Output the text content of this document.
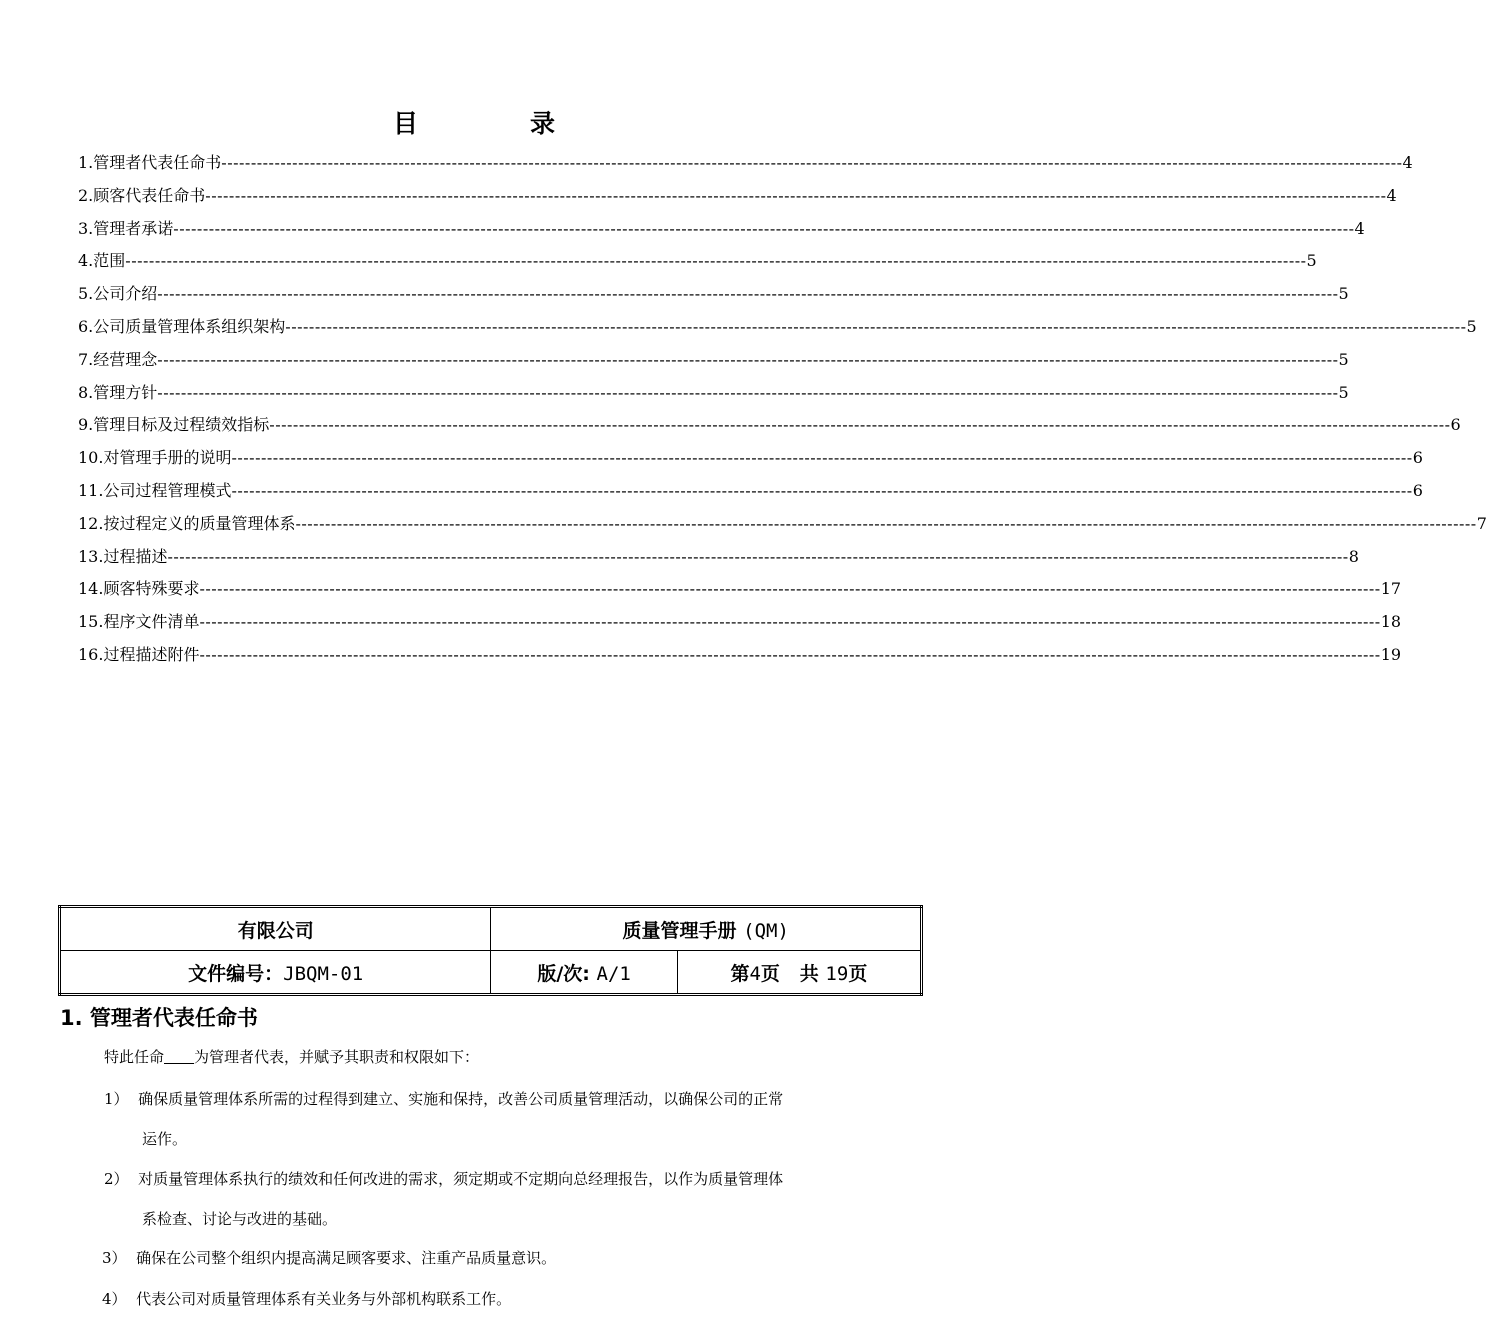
目	录
1.管理者代表任命书 -------------------------------------------------------------------------------------------------------------------------------------------------------------------------------------------------------- 4
2.顾客代表任命书 -------------------------------------------------------------------------------------------------------------------------------------------------------------------------------------------------------- 4
3.管理者承诺 -------------------------------------------------------------------------------------------------------------------------------------------------------------------------------------------------------- 4
4.范围 -------------------------------------------------------------------------------------------------------------------------------------------------------------------------------------------------------- 5
5.公司介绍 -------------------------------------------------------------------------------------------------------------------------------------------------------------------------------------------------------- 5
6.公司质量管理体系组织架构 -------------------------------------------------------------------------------------------------------------------------------------------------------------------------------------------------------- 5
7.经营理念 -------------------------------------------------------------------------------------------------------------------------------------------------------------------------------------------------------- 5
8.管理方针 -------------------------------------------------------------------------------------------------------------------------------------------------------------------------------------------------------- 5
9.管理目标及过程绩效指标 -------------------------------------------------------------------------------------------------------------------------------------------------------------------------------------------------------- 6
10.对管理手册的说明 -------------------------------------------------------------------------------------------------------------------------------------------------------------------------------------------------------- 6
11.公司过程管理模式 -------------------------------------------------------------------------------------------------------------------------------------------------------------------------------------------------------- 6
12.按过程定义的质量管理体系 -------------------------------------------------------------------------------------------------------------------------------------------------------------------------------------------------------- 7
13.过程描述 -------------------------------------------------------------------------------------------------------------------------------------------------------------------------------------------------------- 8
14.顾客特殊要求 -------------------------------------------------------------------------------------------------------------------------------------------------------------------------------------------------------- 17
15.程序文件清单 -------------------------------------------------------------------------------------------------------------------------------------------------------------------------------------------------------- 18
16.过程描述附件 -------------------------------------------------------------------------------------------------------------------------------------------------------------------------------------------------------- 19
有限公司	质量管理手册 (QM)	
文件编号：JBQM-01	版/次: A/1	第4页 共 19页
1. 管理者代表任命书
特此任命 为管理者代表，并赋予其职责和权限如下：
1） 确保质量管理体系所需的过程得到建立、实施和保持，改善公司质量管理活动，以确保公司的正常
运作。
2） 对质量管理体系执行的绩效和任何改进的需求，须定期或不定期向总经理报告，以作为质量管理体
系检查、讨论与改进的基础。
3） 确保在公司整个组织内提高满足顾客要求、注重产品质量意识。
4） 代表公司对质量管理体系有关业务与外部机构联系工作。
